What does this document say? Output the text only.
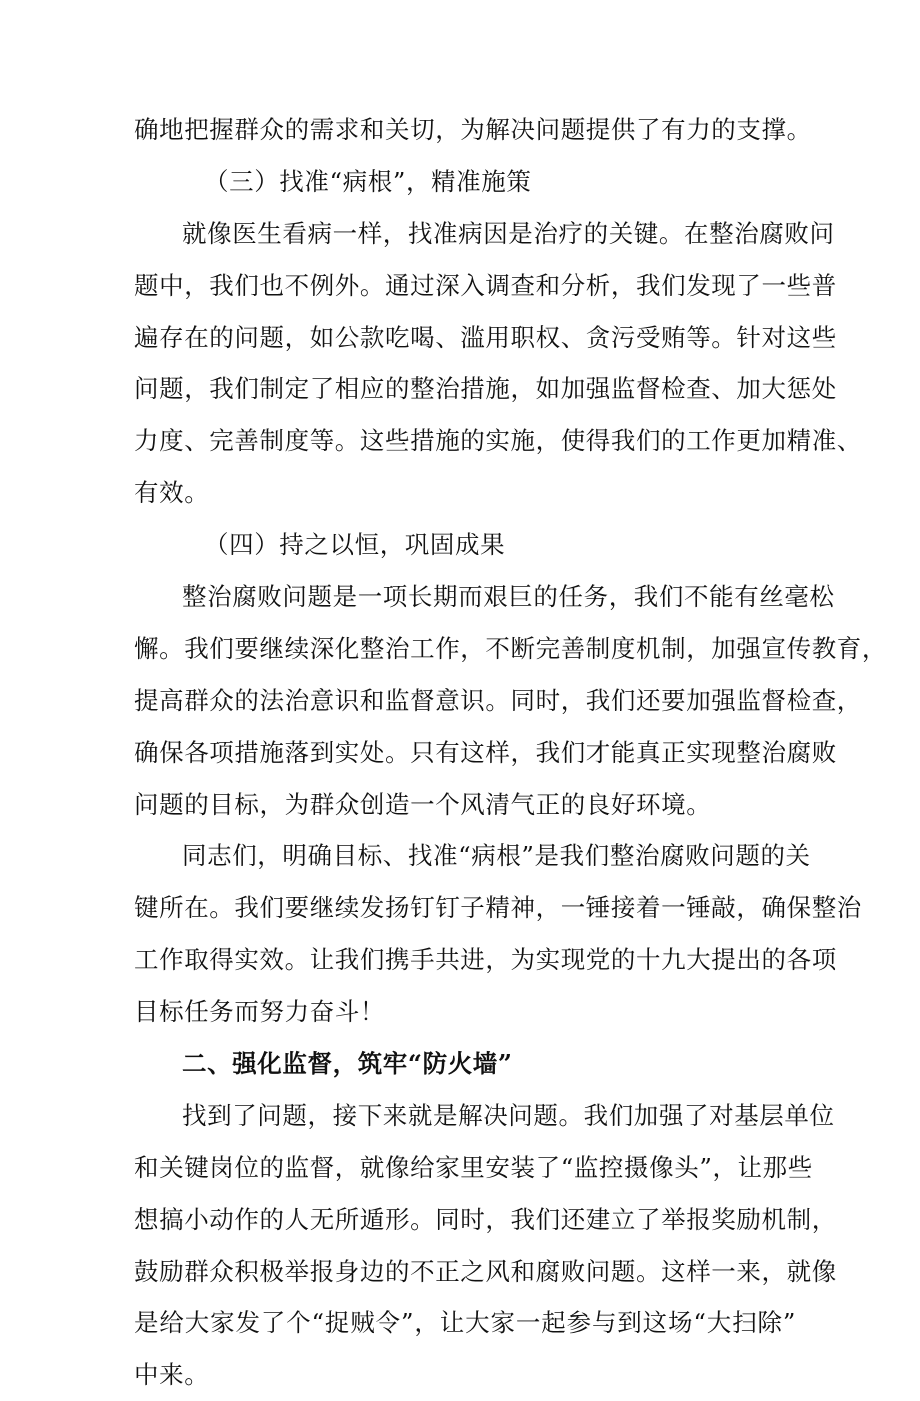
确地把握群众的需求和关切，为解决问题提供了有力的支撑。
（三）找准“病根”，精准施策
就像医生看病一样，找准病因是治疗的关键。在整治腐败问
题中，我们也不例外。通过深入调查和分析，我们发现了一些普
遍存在的问题，如公款吃喝、滥用职权、贪污受贿等。针对这些
问题，我们制定了相应的整治措施，如加强监督检查、加大惩处
力度、完善制度等。这些措施的实施，使得我们的工作更加精准、
有效。
（四）持之以恒，巩固成果
整治腐败问题是一项长期而艰巨的任务，我们不能有丝毫松
懈。我们要继续深化整治工作，不断完善制度机制，加强宣传教育，
提高群众的法治意识和监督意识。同时，我们还要加强监督检查，
确保各项措施落到实处。只有这样，我们才能真正实现整治腐败
问题的目标，为群众创造一个风清气正的良好环境。
同志们，明确目标、找准“病根”是我们整治腐败问题的关
键所在。我们要继续发扬钉钉子精神，一锤接着一锤敲，确保整治
工作取得实效。让我们携手共进，为实现党的十九大提出的各项
目标任务而努力奋斗！
二、强化监督，筑牢“防火墙”
找到了问题，接下来就是解决问题。我们加强了对基层单位
和关键岗位的监督，就像给家里安装了“监控摄像头”，让那些
想搞小动作的人无所遁形。同时，我们还建立了举报奖励机制，
鼓励群众积极举报身边的不正之风和腐败问题。这样一来，就像
是给大家发了个“捉贼令”，让大家一起参与到这场“大扫除”
中来。
